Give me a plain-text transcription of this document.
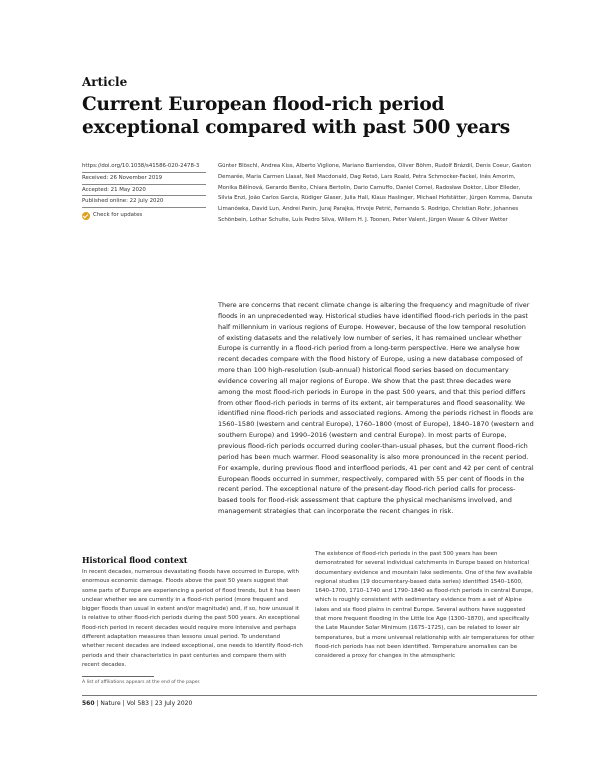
Article
Current European flood-rich period exceptional compared with past 500 years
https://doi.org/10.1038/s41586-020-2478-3
Received: 26 November 2019
Accepted: 21 May 2020
Published online: 22 July 2020
Check for updates
Günter Blöschl, Andrea Kiss, Alberto Viglione, Mariano Barriendos, Oliver Böhm, Rudolf Brázdil, Denis Coeur, Gaston Demarée, Maria Carmen Llasat, Neil Macdonald, Dag Retsö, Lars Roald, Petra Schmocker-Fackel, Inês Amorim, Monika Bělínová, Gerardo Benito, Chiara Bertolin, Dario Camuffo, Daniel Cornel, Radosław Doktor, Líbor Elleder, Silvia Enzi, João Carlos Garcia, Rüdiger Glaser, Julia Hall, Klaus Haslinger, Michael Hofstätter, Jürgen Komma, Danuta Limanówka, David Lun, Andrei Panin, Juraj Parajka, Hrvoje Petrić, Fernando S. Rodrigo, Christian Rohr, Johannes Schönbein, Lothar Schulte, Luís Pedro Silva, Willem H. J. Toonen, Peter Valent, Jürgen Waser & Oliver Wetter
There are concerns that recent climate change is altering the frequency and magnitude of river floods in an unprecedented way. Historical studies have identified flood-rich periods in the past half millennium in various regions of Europe. However, because of the low temporal resolution of existing datasets and the relatively low number of series, it has remained unclear whether Europe is currently in a flood-rich period from a long-term perspective. Here we analyse how recent decades compare with the flood history of Europe, using a new database composed of more than 100 high-resolution (sub-annual) historical flood series based on documentary evidence covering all major regions of Europe. We show that the past three decades were among the most flood-rich periods in Europe in the past 500 years, and that this period differs from other flood-rich periods in terms of its extent, air temperatures and flood seasonality. We identified nine flood-rich periods and associated regions. Among the periods richest in floods are 1560–1580 (western and central Europe), 1760–1800 (most of Europe), 1840–1870 (western and southern Europe) and 1990–2016 (western and central Europe). In most parts of Europe, previous flood-rich periods occurred during cooler-than-usual phases, but the current flood-rich period has been much warmer. Flood seasonality is also more pronounced in the recent period. For example, during previous flood and interflood periods, 41 per cent and 42 per cent of central European floods occurred in summer, respectively, compared with 55 per cent of floods in the recent period. The exceptional nature of the present-day flood-rich period calls for process-based tools for flood-risk assessment that capture the physical mechanisms involved, and management strategies that can incorporate the recent changes in risk.
Historical flood context
In recent decades, numerous devastating floods have occurred in Europe, with enormous economic damage. Floods above the past 50 years suggest that some parts of Europe are experiencing a period of flood trends, but it has been unclear whether we are currently in a flood-rich period (more frequent and bigger floods than usual in extent and/or magnitude) and, if so, how unusual it is relative to other flood-rich periods during the past 500 years. An exceptional flood-rich period in recent decades would require more intensive and perhaps different adaptation measures than lessons usual period. To understand whether recent decades are indeed exceptional, one needs to identify flood-rich periods and their characteristics in past centuries and compare them with recent decades.
The existence of flood-rich periods in the past 500 years has been demonstrated for several individual catchments in Europe based on historical documentary evidence and mountain lake sediments. One of the few available regional studies (19 documentary-based data series) identified 1540–1600, 1640–1700, 1710–1740 and 1790–1840 as flood-rich periods in central Europe, which is roughly consistent with sedimentary evidence from a set of Alpine lakes and six flood plains in central Europe. Several authors have suggested that more frequent flooding in the Little Ice Age (1300–1870), and specifically the Late Maunder Solar Minimum (1675–1725), can be related to lower air temperatures, but a more universal relationship with air temperatures for other flood-rich periods has not been identified. Temperature anomalies can be considered a proxy for changes in the atmospheric
A list of affiliations appears at the end of the paper.
560 | Nature | Vol 583 | 23 July 2020
